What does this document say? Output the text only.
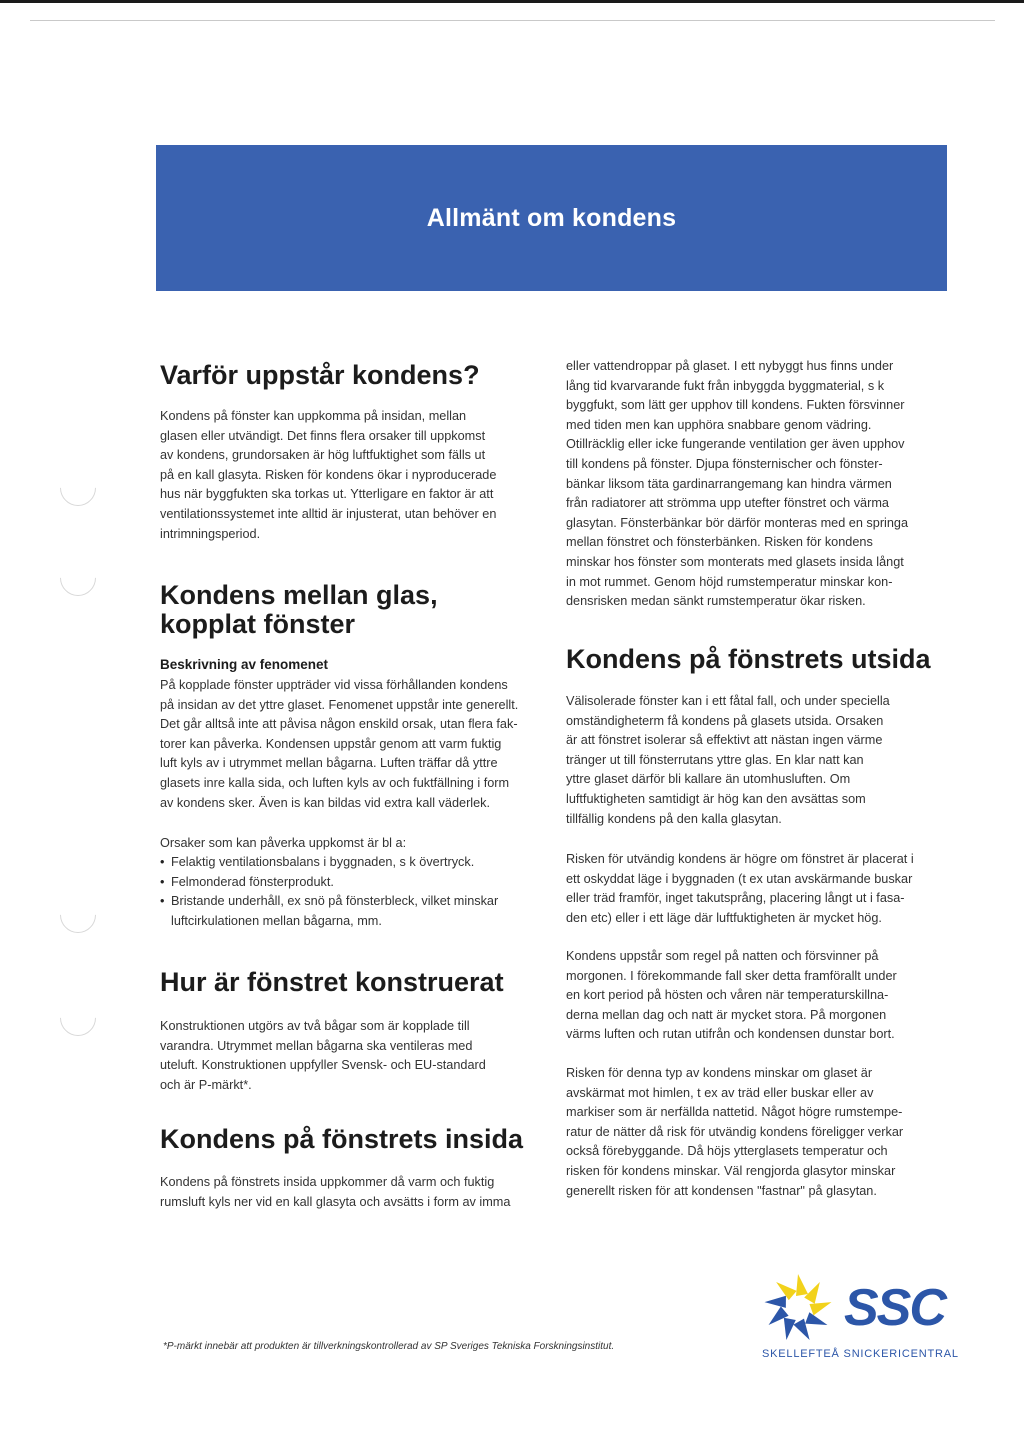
Allmänt om kondens
Varför uppstår kondens?
Kondens på fönster kan uppkomma på insidan, mellan
glasen eller utvändigt. Det finns flera orsaker till uppkomst
av kondens, grundorsaken är hög luftfuktighet som fälls ut
på en kall glasyta. Risken för kondens ökar i nyproducerade
hus när byggfukten ska torkas ut. Ytterligare en faktor är att
ventilationssystemet inte alltid är injusterat, utan behöver en
intrimningsperiod.
Kondens mellan glas,
kopplat fönster
Beskrivning av fenomenet
På kopplade fönster uppträder vid vissa förhållanden kondens
på insidan av det yttre glaset. Fenomenet uppstår inte generellt.
Det går alltså inte att påvisa någon enskild orsak, utan flera fak-
torer kan påverka. Kondensen uppstår genom att varm fuktig
luft kyls av i utrymmet mellan bågarna. Luften träffar då yttre
glasets inre kalla sida, och luften kyls av och fuktfällning i form
av kondens sker. Även is kan bildas vid extra kall väderlek.
Orsaker som kan påverka uppkomst är bl a:
• Felaktig ventilationsbalans i byggnaden, s k övertryck.
• Felmonderad fönsterprodukt.
• Bristande underhåll, ex snö på fönsterbleck, vilket minskar
luftcirkulationen mellan bågarna, mm.
Hur är fönstret konstruerat
Konstruktionen utgörs av två bågar som är kopplade till
varandra. Utrymmet mellan bågarna ska ventileras med
uteluft. Konstruktionen uppfyller Svensk- och EU-standard
och är P-märkt*.
Kondens på fönstrets insida
Kondens på fönstrets insida uppkommer då varm och fuktig
rumsluft kyls ner vid en kall glasyta och avsätts i form av imma
eller vattendroppar på glaset. I ett nybyggt hus finns under
lång tid kvarvarande fukt från inbyggda byggmaterial, s k
byggfukt, som lätt ger upphov till kondens. Fukten försvinner
med tiden men kan upphöra snabbare genom vädring.
Otillräcklig eller icke fungerande ventilation ger även upphov
till kondens på fönster. Djupa fönsternischer och fönster-
bänkar liksom täta gardinarrangemang kan hindra värmen
från radiatorer att strömma upp utefter fönstret och värma
glasytan. Fönsterbänkar bör därför monteras med en springa
mellan fönstret och fönsterbänken. Risken för kondens
minskar hos fönster som monterats med glasets insida långt
in mot rummet. Genom höjd rumstemperatur minskar kon-
densrisken medan sänkt rumstemperatur ökar risken.
Kondens på fönstrets utsida
Välisolerade fönster kan i ett fåtal fall, och under speciella
omständigheterm få kondens på glasets utsida. Orsaken
är att fönstret isolerar så effektivt att nästan ingen värme
tränger ut till fönsterrutans yttre glas. En klar natt kan
yttre glaset därför bli kallare än utomhusluften. Om
luftfuktigheten samtidigt är hög kan den avsättas som
tillfällig kondens på den kalla glasytan.
Risken för utvändig kondens är högre om fönstret är placerat i
ett oskyddat läge i byggnaden (t ex utan avskärmande buskar
eller träd framför, inget takutsprång, placering långt ut i fasa-
den etc) eller i ett läge där luftfuktigheten är mycket hög.
Kondens uppstår som regel på natten och försvinner på
morgonen. I förekommande fall sker detta framförallt under
en kort period på hösten och våren när temperaturskillna-
derna mellan dag och natt är mycket stora. På morgonen
värms luften och rutan utifrån och kondensen dunstar bort.
Risken för denna typ av kondens minskar om glaset är
avskärmat mot himlen, t ex av träd eller buskar eller av
markiser som är nerfällda nattetid. Något högre rumstempe-
ratur de nätter då risk för utvändig kondens föreligger verkar
också förebyggande. Då höjs ytterglasets temperatur och
risken för kondens minskar. Väl rengjorda glasytor minskar
generellt risken för att kondensen "fastnar" på glasytan.
*P-märkt innebär att produkten är tillverkningskontrollerad av SP Sveriges Tekniska Forskningsinstitut.
SSC
SKELLEFTEÅ SNICKERICENTRAL
